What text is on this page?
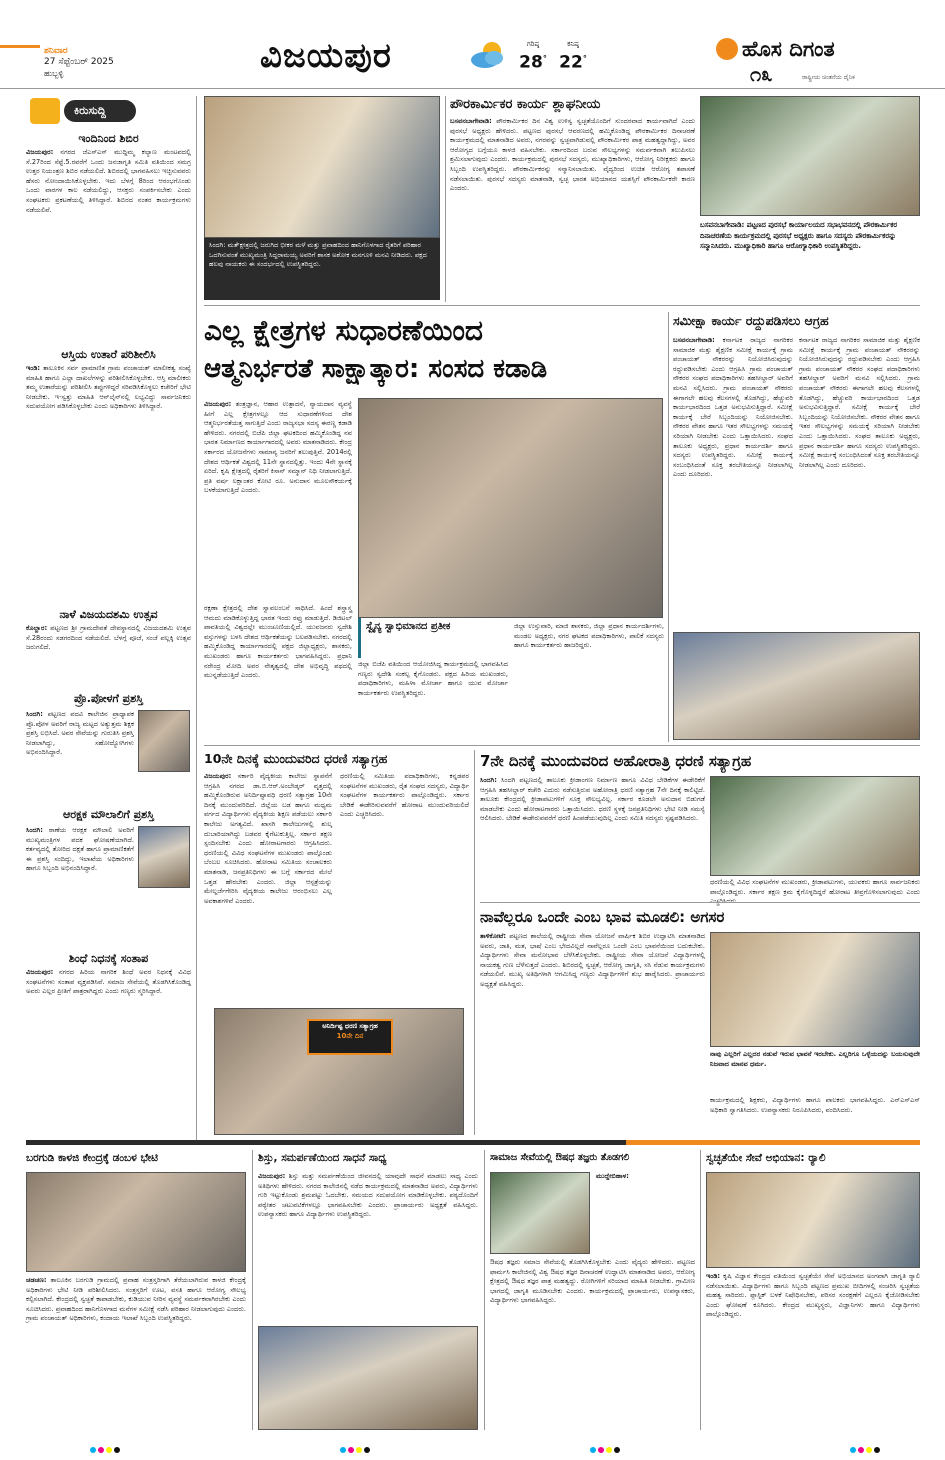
ಶನಿವಾರ
27 ಸೆಪ್ಟೆಂಬರ್ 2025
ಹುಬ್ಬಳ್ಳಿ	ವಿಜಯಪುರ	ಗರಿಷ್ಠ
28°
ಕನಿಷ್ಠ
22°	ಹೊಸ ದಿಗಂತ
೧೩	ರಾಷ್ಟ್ರೀಯ ಚಿಂತನೆಯ ದೈನಿಕ
ಕಿರುಸುದ್ದಿ
ಇಂದಿನಿಂದ ಶಿಬಿರ
ವಿಜಯಪುರ: ನಗರದ ಜೆಎಸ್‌ಎಸ್ ಮುದ್ದಿಮ್ಮ ಕಲ್ಯಾಣ ಮಂಟಪದಲ್ಲಿ ಸೆ.27ರಿಂದ ಸೆಪ್ಟೆ.5.ರವರೆಗೆ ಒಂದು ಜನಜಾಗೃತಿ ಸಮಿತಿ ವತಿಯಿಂದ ಸಮಗ್ರ ಉತ್ತರ ನಿಯಂತ್ರಣ ಶಿಬಿರ ನಡೆಯಲಿದೆ. ಶಿಬಿರದಲ್ಲಿ ಭಾಗವಹಿಸಲು ಇಚ್ಛಿಸುವವರು ಹೆಸರು ನೋಂದಾಯಿಸಿಕೊಳ್ಳಬೇಕು. ಇದು ಬೆಳಗ್ಗೆ 8ರಿಂದ ಆರಂಭಗೊಂಡು ಒಂದು ವಾರಗಳ ಕಾಲ ನಡೆಯಲಿದ್ದು, ಆಸಕ್ತರು ಸಂಪರ್ಕಿಸಬೇಕು ಎಂದು ಸಂಘಟಕರು ಪ್ರಕಟಣೆಯಲ್ಲಿ ತಿಳಿಸಿದ್ದಾರೆ. ಶಿಬಿರದ ನಂತರ ಕಾರ್ಯಕ್ರಮಗಳು ನಡೆಯಲಿವೆ.
ಆಸ್ತಿಯ ಉತಾರೆ ಪರಿಶೀಲಿಸಿ
ಇಂಡಿ: ತಾಲೂಕಿನ ಸರ್ವ ಪ್ರಾಮಾಣಿತ ಗ್ರಾಮ ಪಂಚಾಯತ್ ಮಾಲೀಕತ್ವ ಸಂಖ್ಯೆ ಮಾಹಿತಿ ಹಾಗೂ ಎಲ್ಲಾ ದಾಖಲೆಗಳನ್ನು ಪರಿಶೀಲಿಸಿಕೊಳ್ಳಬೇಕು. ಆಸ್ತಿ ಮಾಲೀಕರು ತಮ್ಮ ಉತಾರೆಯನ್ನು ಪರಿಶೀಲಿಸಿ ತಪ್ಪುಗಳಿದ್ದರೆ ಸರಿಪಡಿಸಿಕೊಳ್ಳಲು ಕಚೇರಿಗೆ ಭೇಟಿ ನೀಡಬೇಕು. ಇ-ಸ್ವತ್ತು ಮಾಹಿತಿ ಆನ್‌ಲೈನ್‌ನಲ್ಲಿ ಲಭ್ಯವಿದ್ದು ಸಾರ್ವಜನಿಕರು ಸದುಪಯೋಗ ಪಡಿಸಿಕೊಳ್ಳಬೇಕು ಎಂದು ಅಧಿಕಾರಿಗಳು ತಿಳಿಸಿದ್ದಾರೆ.
ನಾಳೆ ವಿಜಯದಶಮಿ ಉತ್ಸವ
ಕೊಲ್ಹಾರ: ಪಟ್ಟಣದ ಶ್ರೀ ಗ್ರಾಮದೇವತೆ ದೇವಸ್ಥಾನದಲ್ಲಿ ವಿಜಯದಶಮಿ ಉತ್ಸವ ಸೆ.28ರಂದು ಸಡಗರದಿಂದ ನಡೆಯಲಿದೆ. ಬೆಳಗ್ಗೆ ಪೂಜೆ, ಸಂಜೆ ಪಲ್ಲಕ್ಕಿ ಉತ್ಸವ ಜರುಗಲಿದೆ.
ಪ್ರೊ.ಪೋಳಗೆ ಪ್ರಶಸ್ತಿ
ಸಿಂದಗಿ: ಪಟ್ಟಣದ ಪದವಿ ಕಾಲೇಜಿನ ಪ್ರಾಧ್ಯಾಪಕ ಪ್ರೊ.ಪೋಳ ಅವರಿಗೆ ರಾಜ್ಯ ಮಟ್ಟದ ಅತ್ಯುತ್ತಮ ಶಿಕ್ಷಕ ಪ್ರಶಸ್ತಿ ಲಭಿಸಿದೆ. ಅವರ ಸೇವೆಯನ್ನು ಗುರುತಿಸಿ ಪ್ರಶಸ್ತಿ ನೀಡಲಾಗಿದ್ದು, ಸಹೋದ್ಯೋಗಿಗಳು ಅಭಿನಂದಿಸಿದ್ದಾರೆ.
ಆರಕ್ಷಕ ಮೌಲಾಲಿಗೆ ಪ್ರಶಸ್ತಿ
ಸಿಂದಗಿ: ಠಾಣೆಯ ಆರಕ್ಷಕ ಮೌಲಾಲಿ ಅವರಿಗೆ ಮುಖ್ಯಮಂತ್ರಿಗಳ ಪದಕ ಘೋಷಣೆಯಾಗಿದೆ. ಕರ್ತವ್ಯದಲ್ಲಿ ತೋರಿದ ದಕ್ಷತೆ ಹಾಗೂ ಪ್ರಾಮಾಣಿಕತೆಗೆ ಈ ಪ್ರಶಸ್ತಿ ಸಂದಿದ್ದು, ಇಲಾಖೆಯ ಅಧಿಕಾರಿಗಳು ಹಾಗೂ ಸಿಬ್ಬಂದಿ ಅಭಿನಂದಿಸಿದ್ದಾರೆ.
ಶಿಂಧೆ ನಿಧನಕ್ಕೆ ಸಂತಾಪ
ವಿಜಯಪುರ: ನಗರದ ಹಿರಿಯ ನಾಗರಿಕ ಶಿಂಧೆ ಅವರ ನಿಧನಕ್ಕೆ ವಿವಿಧ ಸಂಘಟನೆಗಳು ಸಂತಾಪ ವ್ಯಕ್ತಪಡಿಸಿವೆ. ಸಮಾಜ ಸೇವೆಯಲ್ಲಿ ತೊಡಗಿಸಿಕೊಂಡಿದ್ದ ಅವರು ಎಲ್ಲರ ಪ್ರೀತಿಗೆ ಪಾತ್ರರಾಗಿದ್ದರು ಎಂದು ಗಣ್ಯರು ಸ್ಮರಿಸಿದ್ದಾರೆ.
ಸಿಂದಗಿ: ಮತ್ಕ್ಷೇತ್ರದಲ್ಲಿ ಜರುಗಿದ ಭೀಕರ ಮಳೆ ಮತ್ತು ಪ್ರವಾಹದಿಂದ ಹಾನಿಗೊಳಗಾದ ರೈತರಿಗೆ ಪರಿಹಾರ ಒದಗಿಸುವಂತೆ ಮುಖ್ಯಮಂತ್ರಿ ಸಿದ್ದರಾಮಯ್ಯ ಅವರಿಗೆ ಶಾಸಕ ಅಶೋಕ ಮನಗೂಳಿ ಮನವಿ ನೀಡಿದರು. ಪಕ್ಷದ ಹಲವು ನಾಯಕರು ಈ ಸಂದರ್ಭದಲ್ಲಿ ಉಪಸ್ಥಿತರಿದ್ದರು.
ಪೌರಕಾರ್ಮಿಕರ ಕಾರ್ಯ ಶ್ಲಾಘನೀಯ
ಬಸವನಬಾಗೇವಾಡಿ: ಪೌರಕಾರ್ಮಿಕರ ದಿನ ವಿಶ್ವ ಉಳಿಸ್ವ ಸ್ವಚ್ಛತೆಯೊಂದಿಗೆ ಸುಂದರವಾದ ಕಾರ್ಯವಾಗಿದೆ ಎಂದು ಪುರಸಭೆ ಅಧ್ಯಕ್ಷರು ಹೇಳಿದರು. ಪಟ್ಟಣದ ಪುರಸಭೆ ಆವರಣದಲ್ಲಿ ಹಮ್ಮಿಕೊಂಡಿದ್ದ ಪೌರಕಾರ್ಮಿಕರ ದಿನಾಚರಣೆ ಕಾರ್ಯಕ್ರಮದಲ್ಲಿ ಮಾತನಾಡಿದ ಅವರು, ನಗರವನ್ನು ಸ್ವಚ್ಛವಾಗಿಡುವಲ್ಲಿ ಪೌರಕಾರ್ಮಿಕರ ಪಾತ್ರ ಮಹತ್ವದ್ದಾಗಿದ್ದು, ಅವರ ಆರೋಗ್ಯದ ಬಗ್ಗೆಯೂ ಕಾಳಜಿ ವಹಿಸಬೇಕು. ಸರ್ಕಾರದಿಂದ ಬರುವ ಸೌಲಭ್ಯಗಳನ್ನು ಸಮರ್ಪಕವಾಗಿ ತಲುಪಿಸಲು ಶ್ರಮಿಸಲಾಗುವುದು ಎಂದರು. ಕಾರ್ಯಕ್ರಮದಲ್ಲಿ ಪುರಸಭೆ ಸದಸ್ಯರು, ಮುಖ್ಯಾಧಿಕಾರಿಗಳು, ಆರೋಗ್ಯ ನಿರೀಕ್ಷಕರು ಹಾಗೂ ಸಿಬ್ಬಂದಿ ಉಪಸ್ಥಿತರಿದ್ದರು. ಪೌರಕಾರ್ಮಿಕರನ್ನು ಸನ್ಮಾನಿಸಲಾಯಿತು. ವೈದ್ಯರಿಂದ ಉಚಿತ ಆರೋಗ್ಯ ತಪಾಸಣೆ ನಡೆಸಲಾಯಿತು. ಪುರಸಭೆ ಸದಸ್ಯರು ಮಾತನಾಡಿ, ಸ್ವಚ್ಛ ಭಾರತ ಅಭಿಯಾನದ ಯಶಸ್ಸಿಗೆ ಪೌರಕಾರ್ಮಿಕರೇ ಕಾರಣ ಎಂದರು.
ಬಸವನಬಾಗೇವಾಡಿ: ಪಟ್ಟಣದ ಪುರಸಭೆ ಕಾರ್ಯಾಲಯದ ಸಭಾಭವನದಲ್ಲಿ ಪೌರಕಾರ್ಮಿಕರ ದಿನಾಚರಣೆಯ ಕಾರ್ಯಕ್ರಮದಲ್ಲಿ ಪುರಸಭೆ ಅಧ್ಯಕ್ಷರು ಹಾಗೂ ಸದಸ್ಯರು ಪೌರಕಾರ್ಮಿಕರನ್ನು ಸನ್ಮಾನಿಸಿದರು. ಮುಖ್ಯಾಧಿಕಾರಿ ಹಾಗೂ ಆರೋಗ್ಯಾಧಿಕಾರಿ ಉಪಸ್ಥಿತರಿದ್ದರು.
ಎಲ್ಲ ಕ್ಷೇತ್ರಗಳ ಸುಧಾರಣೆಯಿಂದ
ಆತ್ಮನಿರ್ಭರತೆ ಸಾಕ್ಷಾತ್ಕಾರ: ಸಂಸದ ಕಡಾಡಿ
ವಿಜಯಪುರ: ತಂತ್ರಜ್ಞಾನ, ಆಹಾರ ಉತ್ಪಾದನೆ, ನ್ಯಾಯದಾನ ವ್ಯವಸ್ಥೆ ಹೀಗೆ ಎಲ್ಲ ಕ್ಷೇತ್ರಗಳಲ್ಲೂ ಆದ ಸುಧಾರಣೆಗಳಿಂದ ದೇಶ ಆತ್ಮನಿರ್ಭರತೆಯತ್ತ ಸಾಗುತ್ತಿದೆ ಎಂದು ರಾಜ್ಯಸಭಾ ಸದಸ್ಯ ಈರಣ್ಣ ಕಡಾಡಿ ಹೇಳಿದರು. ನಗರದಲ್ಲಿ ಬಿಜೆಪಿ ಜಿಲ್ಲಾ ಘಟಕದಿಂದ ಹಮ್ಮಿಕೊಂಡಿದ್ದ ನವ ಭಾರತ ನಿರ್ಮಾಣದ ಕಾರ್ಯಾಗಾರದಲ್ಲಿ ಅವರು ಮಾತನಾಡಿದರು. ಕೇಂದ್ರ ಸರ್ಕಾರದ ಯೋಜನೆಗಳು ಸಾಮಾನ್ಯ ಜನರಿಗೆ ತಲುಪುತ್ತಿವೆ. 2014ರಲ್ಲಿ ದೇಶದ ಆರ್ಥಿಕತೆ ವಿಶ್ವದಲ್ಲಿ 11ನೇ ಸ್ಥಾನದಲ್ಲಿತ್ತು. ಇಂದು 4ನೇ ಸ್ಥಾನಕ್ಕೆ ಏರಿದೆ. ಕೃಷಿ ಕ್ಷೇತ್ರದಲ್ಲಿ ರೈತರಿಗೆ ಕಿಸಾನ್ ಸಮ್ಮಾನ್ ನಿಧಿ ನೀಡಲಾಗುತ್ತಿದೆ. ಪ್ರತಿ ವರ್ಷ ಲಕ್ಷಾಂತರ ಕೋಟಿ ರೂ. ಅನುದಾನ ಮೂಲಸೌಕರ್ಯಕ್ಕೆ ಬಳಕೆಯಾಗುತ್ತಿದೆ ಎಂದರು.
ರಕ್ಷಣಾ ಕ್ಷೇತ್ರದಲ್ಲಿ ದೇಶ ಸ್ವಾವಲಂಬನೆ ಸಾಧಿಸಿದೆ. ಹಿಂದೆ ಶಸ್ತ್ರಾಸ್ತ್ರ ಆಮದು ಮಾಡಿಕೊಳ್ಳುತ್ತಿದ್ದ ಭಾರತ ಇಂದು ರಫ್ತು ಮಾಡುತ್ತಿದೆ. ಡಿಜಿಟಲ್ ಪಾವತಿಯಲ್ಲಿ ವಿಶ್ವದಲ್ಲೇ ಮುಂಚೂಣಿಯಲ್ಲಿದೆ. ಯುವಜನರು ಸ್ವದೇಶಿ ವಸ್ತುಗಳನ್ನು ಬಳಸಿ ದೇಶದ ಆರ್ಥಿಕತೆಯನ್ನು ಬಲಪಡಿಸಬೇಕು. ನಗರದಲ್ಲಿ ಹಮ್ಮಿಕೊಂಡಿದ್ದ ಕಾರ್ಯಾಗಾರದಲ್ಲಿ ಪಕ್ಷದ ಜಿಲ್ಲಾಧ್ಯಕ್ಷರು, ಶಾಸಕರು, ಮುಖಂಡರು ಹಾಗೂ ಕಾರ್ಯಕರ್ತರು ಭಾಗವಹಿಸಿದ್ದರು. ಪ್ರಧಾನಿ ನರೇಂದ್ರ ಮೋದಿ ಅವರ ನೇತೃತ್ವದಲ್ಲಿ ದೇಶ ಅಭಿವೃದ್ಧಿ ಪಥದಲ್ಲಿ ಮುನ್ನಡೆಯುತ್ತಿದೆ ಎಂದರು.
ಸ್ವೈನ್ಯ ಸ್ವಾಭಿಮಾನದ ಪ್ರತೀಕ
ಜಿಲ್ಲಾ ಬಿಜೆಪಿ ವತಿಯಿಂದ ಆಯೋಜಿಸಿದ್ದ ಕಾರ್ಯಕ್ರಮದಲ್ಲಿ ಭಾಗವಹಿಸಿದ ಗಣ್ಯರು ಸ್ವದೇಶಿ ಸಂಕಲ್ಪ ಕೈಗೊಂಡರು. ಪಕ್ಷದ ಹಿರಿಯ ಮುಖಂಡರು, ಪದಾಧಿಕಾರಿಗಳು, ಮಹಿಳಾ ಮೋರ್ಚಾ ಹಾಗೂ ಯುವ ಮೋರ್ಚಾ ಕಾರ್ಯಕರ್ತರು ಉಪಸ್ಥಿತರಿದ್ದರು.
ಜಿಲ್ಲಾ ಉಸ್ತುವಾರಿ, ಮಾಜಿ ಶಾಸಕರು, ಜಿಲ್ಲಾ ಪ್ರಧಾನ ಕಾರ್ಯದರ್ಶಿಗಳು, ಮಂಡಲ ಅಧ್ಯಕ್ಷರು, ನಗರ ಘಟಕದ ಪದಾಧಿಕಾರಿಗಳು, ಪಾಲಿಕೆ ಸದಸ್ಯರು ಹಾಗೂ ಕಾರ್ಯಕರ್ತರು ಹಾಜರಿದ್ದರು.
ಸಮೀಕ್ಷಾ ಕಾರ್ಯ ರದ್ದುಪಡಿಸಲು ಆಗ್ರಹ
ಬಸವನಬಾಗೇವಾಡಿ: ಕರ್ನಾಟಕ ರಾಜ್ಯದ ನಾಗರಿಕರ ಸಾಮಾಜಿಕ ಮತ್ತು ಶೈಕ್ಷಣಿಕ ಸಮೀಕ್ಷೆ ಕಾರ್ಯಕ್ಕೆ ಗ್ರಾಮ ಪಂಚಾಯತ್ ನೌಕರರನ್ನು ನಿಯೋಜಿಸಿರುವುದನ್ನು ರದ್ದುಪಡಿಸಬೇಕು ಎಂದು ಆಗ್ರಹಿಸಿ ಗ್ರಾಮ ಪಂಚಾಯತ್ ನೌಕರರ ಸಂಘದ ಪದಾಧಿಕಾರಿಗಳು ತಹಸೀಲ್ದಾರ್ ಅವರಿಗೆ ಮನವಿ ಸಲ್ಲಿಸಿದರು. ಗ್ರಾಮ ಪಂಚಾಯತ್ ನೌಕರರು ಈಗಾಗಲೇ ಹಲವು ಕೆಲಸಗಳಲ್ಲಿ ತೊಡಗಿದ್ದು, ಹೆಚ್ಚುವರಿ ಕಾರ್ಯಭಾರದಿಂದ ಒತ್ತಡ ಅನುಭವಿಸುತ್ತಿದ್ದಾರೆ. ಸಮೀಕ್ಷೆ ಕಾರ್ಯಕ್ಕೆ ಬೇರೆ ಸಿಬ್ಬಂದಿಯನ್ನು ನಿಯೋಜಿಸಬೇಕು. ನೌಕರರ ವೇತನ ಹಾಗೂ ಇತರ ಸೌಲಭ್ಯಗಳನ್ನು ಸಮಯಕ್ಕೆ ಸರಿಯಾಗಿ ನೀಡಬೇಕು ಎಂದು ಒತ್ತಾಯಿಸಿದರು. ಸಂಘದ ತಾಲೂಕು ಅಧ್ಯಕ್ಷರು, ಪ್ರಧಾನ ಕಾರ್ಯದರ್ಶಿ ಹಾಗೂ ಸದಸ್ಯರು ಉಪಸ್ಥಿತರಿದ್ದರು. ಸಮೀಕ್ಷೆ ಕಾರ್ಯಕ್ಕೆ ಸಂಬಂಧಿಸಿದಂತೆ ಸೂಕ್ತ ತರಬೇತಿಯನ್ನೂ ನೀಡಲಾಗಿಲ್ಲ ಎಂದು ದೂರಿದರು.
ಕರ್ನಾಟಕ ರಾಜ್ಯದ ನಾಗರಿಕರ ಸಾಮಾಜಿಕ ಮತ್ತು ಶೈಕ್ಷಣಿಕ ಸಮೀಕ್ಷೆ ಕಾರ್ಯಕ್ಕೆ ಗ್ರಾಮ ಪಂಚಾಯತ್ ನೌಕರರನ್ನು ನಿಯೋಜಿಸಿರುವುದನ್ನು ರದ್ದುಪಡಿಸಬೇಕು ಎಂದು ಆಗ್ರಹಿಸಿ ಗ್ರಾಮ ಪಂಚಾಯತ್ ನೌಕರರ ಸಂಘದ ಪದಾಧಿಕಾರಿಗಳು ತಹಸೀಲ್ದಾರ್ ಅವರಿಗೆ ಮನವಿ ಸಲ್ಲಿಸಿದರು. ಗ್ರಾಮ ಪಂಚಾಯತ್ ನೌಕರರು ಈಗಾಗಲೇ ಹಲವು ಕೆಲಸಗಳಲ್ಲಿ ತೊಡಗಿದ್ದು, ಹೆಚ್ಚುವರಿ ಕಾರ್ಯಭಾರದಿಂದ ಒತ್ತಡ ಅನುಭವಿಸುತ್ತಿದ್ದಾರೆ. ಸಮೀಕ್ಷೆ ಕಾರ್ಯಕ್ಕೆ ಬೇರೆ ಸಿಬ್ಬಂದಿಯನ್ನು ನಿಯೋಜಿಸಬೇಕು. ನೌಕರರ ವೇತನ ಹಾಗೂ ಇತರ ಸೌಲಭ್ಯಗಳನ್ನು ಸಮಯಕ್ಕೆ ಸರಿಯಾಗಿ ನೀಡಬೇಕು ಎಂದು ಒತ್ತಾಯಿಸಿದರು. ಸಂಘದ ತಾಲೂಕು ಅಧ್ಯಕ್ಷರು, ಪ್ರಧಾನ ಕಾರ್ಯದರ್ಶಿ ಹಾಗೂ ಸದಸ್ಯರು ಉಪಸ್ಥಿತರಿದ್ದರು. ಸಮೀಕ್ಷೆ ಕಾರ್ಯಕ್ಕೆ ಸಂಬಂಧಿಸಿದಂತೆ ಸೂಕ್ತ ತರಬೇತಿಯನ್ನೂ ನೀಡಲಾಗಿಲ್ಲ ಎಂದು ದೂರಿದರು.
10ನೇ ದಿನಕ್ಕೆ ಮುಂದುವರಿದ ಧರಣಿ ಸತ್ಯಾಗ್ರಹ
ವಿಜಯಪುರ: ಸರ್ಕಾರಿ ವೈದ್ಯಕೀಯ ಕಾಲೇಜು ಸ್ಥಾಪನೆಗೆ ಆಗ್ರಹಿಸಿ ನಗರದ ಡಾ.ಬಿ.ಆರ್.ಅಂಬೇಡ್ಕರ್ ವೃತ್ತದಲ್ಲಿ ಹಮ್ಮಿಕೊಂಡಿರುವ ಅನಿರ್ದಿಷ್ಟಾವಧಿ ಧರಣಿ ಸತ್ಯಾಗ್ರಹ 10ನೇ ದಿನಕ್ಕೆ ಮುಂದುವರಿದಿದೆ. ಜಿಲ್ಲೆಯ ಬಡ ಹಾಗೂ ಮಧ್ಯಮ ವರ್ಗದ ವಿದ್ಯಾರ್ಥಿಗಳು ವೈದ್ಯಕೀಯ ಶಿಕ್ಷಣ ಪಡೆಯಲು ಸರ್ಕಾರಿ ಕಾಲೇಜು ಅಗತ್ಯವಿದೆ. ಖಾಸಗಿ ಕಾಲೇಜುಗಳಲ್ಲಿ ಶುಲ್ಕ ದುಬಾರಿಯಾಗಿದ್ದು ಬಡವರ ಕೈಗೆಟುಕುತ್ತಿಲ್ಲ. ಸರ್ಕಾರ ತಕ್ಷಣ ಸ್ಪಂದಿಸಬೇಕು ಎಂದು ಹೋರಾಟಗಾರರು ಆಗ್ರಹಿಸಿದರು. ಧರಣಿಯಲ್ಲಿ ವಿವಿಧ ಸಂಘಟನೆಗಳ ಮುಖಂಡರು ಪಾಲ್ಗೊಂಡು ಬೆಂಬಲ ಸೂಚಿಸಿದರು. ಹೋರಾಟ ಸಮಿತಿಯ ಸಂಚಾಲಕರು ಮಾತನಾಡಿ, ಜನಪ್ರತಿನಿಧಿಗಳು ಈ ಬಗ್ಗೆ ಸರ್ಕಾರದ ಮೇಲೆ ಒತ್ತಡ ಹೇರಬೇಕು ಎಂದರು. ಜಿಲ್ಲಾ ಆಸ್ಪತ್ರೆಯನ್ನು ಮೇಲ್ದರ್ಜೆಗೇರಿಸಿ ವೈದ್ಯಕೀಯ ಕಾಲೇಜು ಆರಂಭಿಸಲು ಎಲ್ಲ ಅವಕಾಶಗಳಿವೆ ಎಂದರು.
ಧರಣಿಯಲ್ಲಿ ಸಮಿತಿಯ ಪದಾಧಿಕಾರಿಗಳು, ಕನ್ನಡಪರ ಸಂಘಟನೆಗಳ ಮುಖಂಡರು, ರೈತ ಸಂಘದ ಸದಸ್ಯರು, ವಿದ್ಯಾರ್ಥಿ ಸಂಘಟನೆಗಳ ಕಾರ್ಯಕರ್ತರು ಪಾಲ್ಗೊಂಡಿದ್ದರು. ಸರ್ಕಾರ ಬೇಡಿಕೆ ಈಡೇರಿಸುವವರೆಗೆ ಹೋರಾಟ ಮುಂದುವರಿಯಲಿದೆ ಎಂದು ಎಚ್ಚರಿಸಿದರು.
ಅನಿರ್ದಿಷ್ಟ ಧರಣಿ ಸತ್ಯಾಗ್ರಹ
10ನೇ ದಿನ
7ನೇ ದಿನಕ್ಕೆ ಮುಂದುವರಿದ ಅಹೋರಾತ್ರಿ ಧರಣಿ ಸತ್ಯಾಗ್ರಹ
ಸಿಂದಗಿ: ಸಿಂದಗಿ ಪಟ್ಟಣದಲ್ಲಿ ತಾಲೂಕು ಕ್ರೀಡಾಂಗಣ ನಿರ್ಮಾಣ ಹಾಗೂ ವಿವಿಧ ಬೇಡಿಕೆಗಳ ಈಡೇರಿಕೆಗೆ ಆಗ್ರಹಿಸಿ ತಹಸೀಲ್ದಾರ್ ಕಚೇರಿ ಎದುರು ನಡೆಸುತ್ತಿರುವ ಅಹೋರಾತ್ರಿ ಧರಣಿ ಸತ್ಯಾಗ್ರಹ 7ನೇ ದಿನಕ್ಕೆ ಕಾಲಿಟ್ಟಿದೆ. ತಾಲೂಕು ಕೇಂದ್ರದಲ್ಲಿ ಕ್ರೀಡಾಪಟುಗಳಿಗೆ ಸೂಕ್ತ ಸೌಲಭ್ಯವಿಲ್ಲ. ಸರ್ಕಾರ ಕೂಡಲೇ ಅನುದಾನ ಬಿಡುಗಡೆ ಮಾಡಬೇಕು ಎಂದು ಹೋರಾಟಗಾರರು ಒತ್ತಾಯಿಸಿದರು. ಧರಣಿ ಸ್ಥಳಕ್ಕೆ ಜನಪ್ರತಿನಿಧಿಗಳು ಭೇಟಿ ನೀಡಿ ಸಮಸ್ಯೆ ಆಲಿಸಿದರು. ಬೇಡಿಕೆ ಈಡೇರುವವರೆಗೆ ಧರಣಿ ಹಿಂಪಡೆಯುವುದಿಲ್ಲ ಎಂದು ಸಮಿತಿ ಸದಸ್ಯರು ಸ್ಪಷ್ಟಪಡಿಸಿದರು.
ಧರಣಿಯಲ್ಲಿ ವಿವಿಧ ಸಂಘಟನೆಗಳ ಮುಖಂಡರು, ಕ್ರೀಡಾಪಟುಗಳು, ಯುವಕರು ಹಾಗೂ ಸಾರ್ವಜನಿಕರು ಪಾಲ್ಗೊಂಡಿದ್ದರು. ಸರ್ಕಾರ ತಕ್ಷಣ ಕ್ರಮ ಕೈಗೊಳ್ಳದಿದ್ದರೆ ಹೋರಾಟ ತೀವ್ರಗೊಳಿಸಲಾಗುವುದು ಎಂದು
ನಾವೆಲ್ಲರೂ ಒಂದೇ ಎಂಬ ಭಾವ ಮೂಡಲಿ: ಅಗಸರ
ತಾಳಿಕೋಟೆ: ಪಟ್ಟಣದ ಶಾಲೆಯಲ್ಲಿ ರಾಷ್ಟ್ರೀಯ ಸೇವಾ ಯೋಜನೆ ವಾರ್ಷಿಕ ಶಿಬಿರ ಉದ್ಘಾಟಿಸಿ ಮಾತನಾಡಿದ ಅವರು, ಜಾತಿ, ಮತ, ಭಾಷೆ ಎಂಬ ಭೇದವಿಲ್ಲದೆ ನಾವೆಲ್ಲರೂ ಒಂದೇ ಎಂಬ ಭಾವನೆಯಿಂದ ಬದುಕಬೇಕು. ವಿದ್ಯಾರ್ಥಿಗಳು ಸೇವಾ ಮನೋಭಾವ ಬೆಳೆಸಿಕೊಳ್ಳಬೇಕು. ರಾಷ್ಟ್ರೀಯ ಸೇವಾ ಯೋಜನೆ ವಿದ್ಯಾರ್ಥಿಗಳಲ್ಲಿ ನಾಯಕತ್ವ ಗುಣ ಬೆಳೆಸುತ್ತದೆ ಎಂದರು. ಶಿಬಿರದಲ್ಲಿ ಸ್ವಚ್ಛತೆ, ಆರೋಗ್ಯ ಜಾಗೃತಿ, ಸಸಿ ನೆಡುವ ಕಾರ್ಯಕ್ರಮಗಳು ನಡೆಯಲಿವೆ. ಮುಖ್ಯ ಅತಿಥಿಗಳಾಗಿ ಆಗಮಿಸಿದ್ದ ಗಣ್ಯರು ವಿದ್ಯಾರ್ಥಿಗಳಿಗೆ ಶುಭ ಹಾರೈಸಿದರು. ಪ್ರಾಚಾರ್ಯರು ಅಧ್ಯಕ್ಷತೆ ವಹಿಸಿದ್ದರು.
ನಾವು ಎಲ್ಲರಿಗೆ ಎಲ್ಲದರ ನಡುವೆ ಇರುವ ಭಾವನೆ ಇರಬೇಕು. ಎಲ್ಲರಿಗೂ ಒಳ್ಳೆಯದನ್ನು ಬಯಸುವುದೇ ನಿಜವಾದ ಮಾನವ ಧರ್ಮ.
ಕಾರ್ಯಕ್ರಮದಲ್ಲಿ ಶಿಕ್ಷಕರು, ವಿದ್ಯಾರ್ಥಿಗಳು ಹಾಗೂ ಪಾಲಕರು ಭಾಗವಹಿಸಿದ್ದರು. ಎನ್‌ಎಸ್‌ಎಸ್ ಅಧಿಕಾರಿ ಸ್ವಾಗತಿಸಿದರು. ಉಪನ್ಯಾಸಕರು ನಿರೂಪಿಸಿದರು, ವಂದಿಸಿದರು.
ಬರಗುಡಿ ಕಾಳಜಿ ಕೇಂದ್ರಕ್ಕೆ ಡಂಬಳ ಭೇಟಿ
ಚಡಚಣ: ತಾಲೂಕಿನ ಬರಗುಡಿ ಗ್ರಾಮದಲ್ಲಿ ಪ್ರವಾಹ ಸಂತ್ರಸ್ತರಿಗಾಗಿ ತೆರೆಯಲಾಗಿರುವ ಕಾಳಜಿ ಕೇಂದ್ರಕ್ಕೆ ಅಧಿಕಾರಿಗಳು ಭೇಟಿ ನೀಡಿ ಪರಿಶೀಲಿಸಿದರು. ಸಂತ್ರಸ್ತರಿಗೆ ಊಟ, ವಸತಿ ಹಾಗೂ ಆರೋಗ್ಯ ಸೌಲಭ್ಯ ಕಲ್ಪಿಸಲಾಗಿದೆ. ಕೇಂದ್ರದಲ್ಲಿ ಸ್ವಚ್ಛತೆ ಕಾಪಾಡಬೇಕು, ಕುಡಿಯುವ ನೀರಿನ ವ್ಯವಸ್ಥೆ ಸಮರ್ಪಕವಾಗಿರಬೇಕು ಎಂದು ಸೂಚಿಸಿದರು. ಪ್ರವಾಹದಿಂದ ಹಾನಿಗೊಳಗಾದ ಮನೆಗಳ ಸಮೀಕ್ಷೆ ನಡೆಸಿ ಪರಿಹಾರ ನೀಡಲಾಗುವುದು ಎಂದರು. ಗ್ರಾಮ ಪಂಚಾಯತ್ ಅಧಿಕಾರಿಗಳು, ಕಂದಾಯ ಇಲಾಖೆ ಸಿಬ್ಬಂದಿ ಉಪಸ್ಥಿತರಿದ್ದರು.
ಶಿಸ್ತು, ಸಮರ್ಪಣೆಯಿಂದ ಸಾಧನೆ ಸಾಧ್ಯ
ವಿಜಯಪುರ: ಶಿಸ್ತು ಮತ್ತು ಸಮರ್ಪಣೆಯಿಂದ ಜೀವನದಲ್ಲಿ ಯಾವುದೇ ಸಾಧನೆ ಮಾಡಲು ಸಾಧ್ಯ ಎಂದು ಅತಿಥಿಗಳು ಹೇಳಿದರು. ನಗರದ ಕಾಲೇಜಿನಲ್ಲಿ ನಡೆದ ಕಾರ್ಯಕ್ರಮದಲ್ಲಿ ಮಾತನಾಡಿದ ಅವರು, ವಿದ್ಯಾರ್ಥಿಗಳು ಗುರಿ ಇಟ್ಟುಕೊಂಡು ಶ್ರಮಪಟ್ಟು ಓದಬೇಕು. ಸಮಯದ ಸದುಪಯೋಗ ಮಾಡಿಕೊಳ್ಳಬೇಕು. ಪಠ್ಯದೊಂದಿಗೆ ಪಠ್ಯೇತರ ಚಟುವಟಿಕೆಗಳಲ್ಲೂ ಭಾಗವಹಿಸಬೇಕು ಎಂದರು. ಪ್ರಾಚಾರ್ಯರು ಅಧ್ಯಕ್ಷತೆ ವಹಿಸಿದ್ದರು. ಉಪನ್ಯಾಸಕರು ಹಾಗೂ ವಿದ್ಯಾರ್ಥಿಗಳು ಉಪಸ್ಥಿತರಿದ್ದರು.
ಸಾಮಾಜ ಸೇವೆಯಲ್ಲಿ ಔಷಧ ತಜ್ಞರು ತೊಡಗಲಿ
ಮುದ್ದೇಬಿಹಾಳ:
ಔಷಧ ತಜ್ಞರು ಸಮಾಜ ಸೇವೆಯಲ್ಲಿ ತೊಡಗಿಸಿಕೊಳ್ಳಬೇಕು ಎಂದು ವೈದ್ಯರು ಹೇಳಿದರು. ಪಟ್ಟಣದ ಫಾರ್ಮಸಿ ಕಾಲೇಜಿನಲ್ಲಿ ವಿಶ್ವ ಔಷಧ ತಜ್ಞರ ದಿನಾಚರಣೆ ಉದ್ಘಾಟಿಸಿ ಮಾತನಾಡಿದ ಅವರು, ಆರೋಗ್ಯ ಕ್ಷೇತ್ರದಲ್ಲಿ ಔಷಧ ತಜ್ಞರ ಪಾತ್ರ ಮಹತ್ವದ್ದು. ರೋಗಿಗಳಿಗೆ ಸರಿಯಾದ ಮಾಹಿತಿ ನೀಡಬೇಕು. ಗ್ರಾಮೀಣ ಭಾಗದಲ್ಲಿ ಜಾಗೃತಿ ಮೂಡಿಸಬೇಕು ಎಂದರು. ಕಾರ್ಯಕ್ರಮದಲ್ಲಿ ಪ್ರಾಚಾರ್ಯರು, ಉಪನ್ಯಾಸಕರು, ವಿದ್ಯಾರ್ಥಿಗಳು ಭಾಗವಹಿಸಿದ್ದರು.
ಸ್ವಚ್ಛತೆಯೇ ಸೇವೆ ಅಭಿಯಾನ: ರ್‍ಯಾಲಿ
ಇಂಡಿ: ಕೃಷಿ ವಿಜ್ಞಾನ ಕೇಂದ್ರದ ವತಿಯಿಂದ ಸ್ವಚ್ಛತೆಯೇ ಸೇವೆ ಅಭಿಯಾನದ ಅಂಗವಾಗಿ ಜಾಗೃತಿ ರ್‍ಯಾಲಿ ನಡೆಸಲಾಯಿತು. ವಿದ್ಯಾರ್ಥಿಗಳು ಹಾಗೂ ಸಿಬ್ಬಂದಿ ಪಟ್ಟಣದ ಪ್ರಮುಖ ಬೀದಿಗಳಲ್ಲಿ ಸಂಚರಿಸಿ ಸ್ವಚ್ಛತೆಯ ಮಹತ್ವ ಸಾರಿದರು. ಪ್ಲಾಸ್ಟಿಕ್ ಬಳಕೆ ನಿಷೇಧಿಸಬೇಕು, ಪರಿಸರ ಸಂರಕ್ಷಣೆಗೆ ಎಲ್ಲರೂ ಕೈಜೋಡಿಸಬೇಕು ಎಂದು ಘೋಷಣೆ ಕೂಗಿದರು. ಕೇಂದ್ರದ ಮುಖ್ಯಸ್ಥರು, ವಿಜ್ಞಾನಿಗಳು ಹಾಗೂ ವಿದ್ಯಾರ್ಥಿಗಳು ಪಾಲ್ಗೊಂಡಿದ್ದರು.
